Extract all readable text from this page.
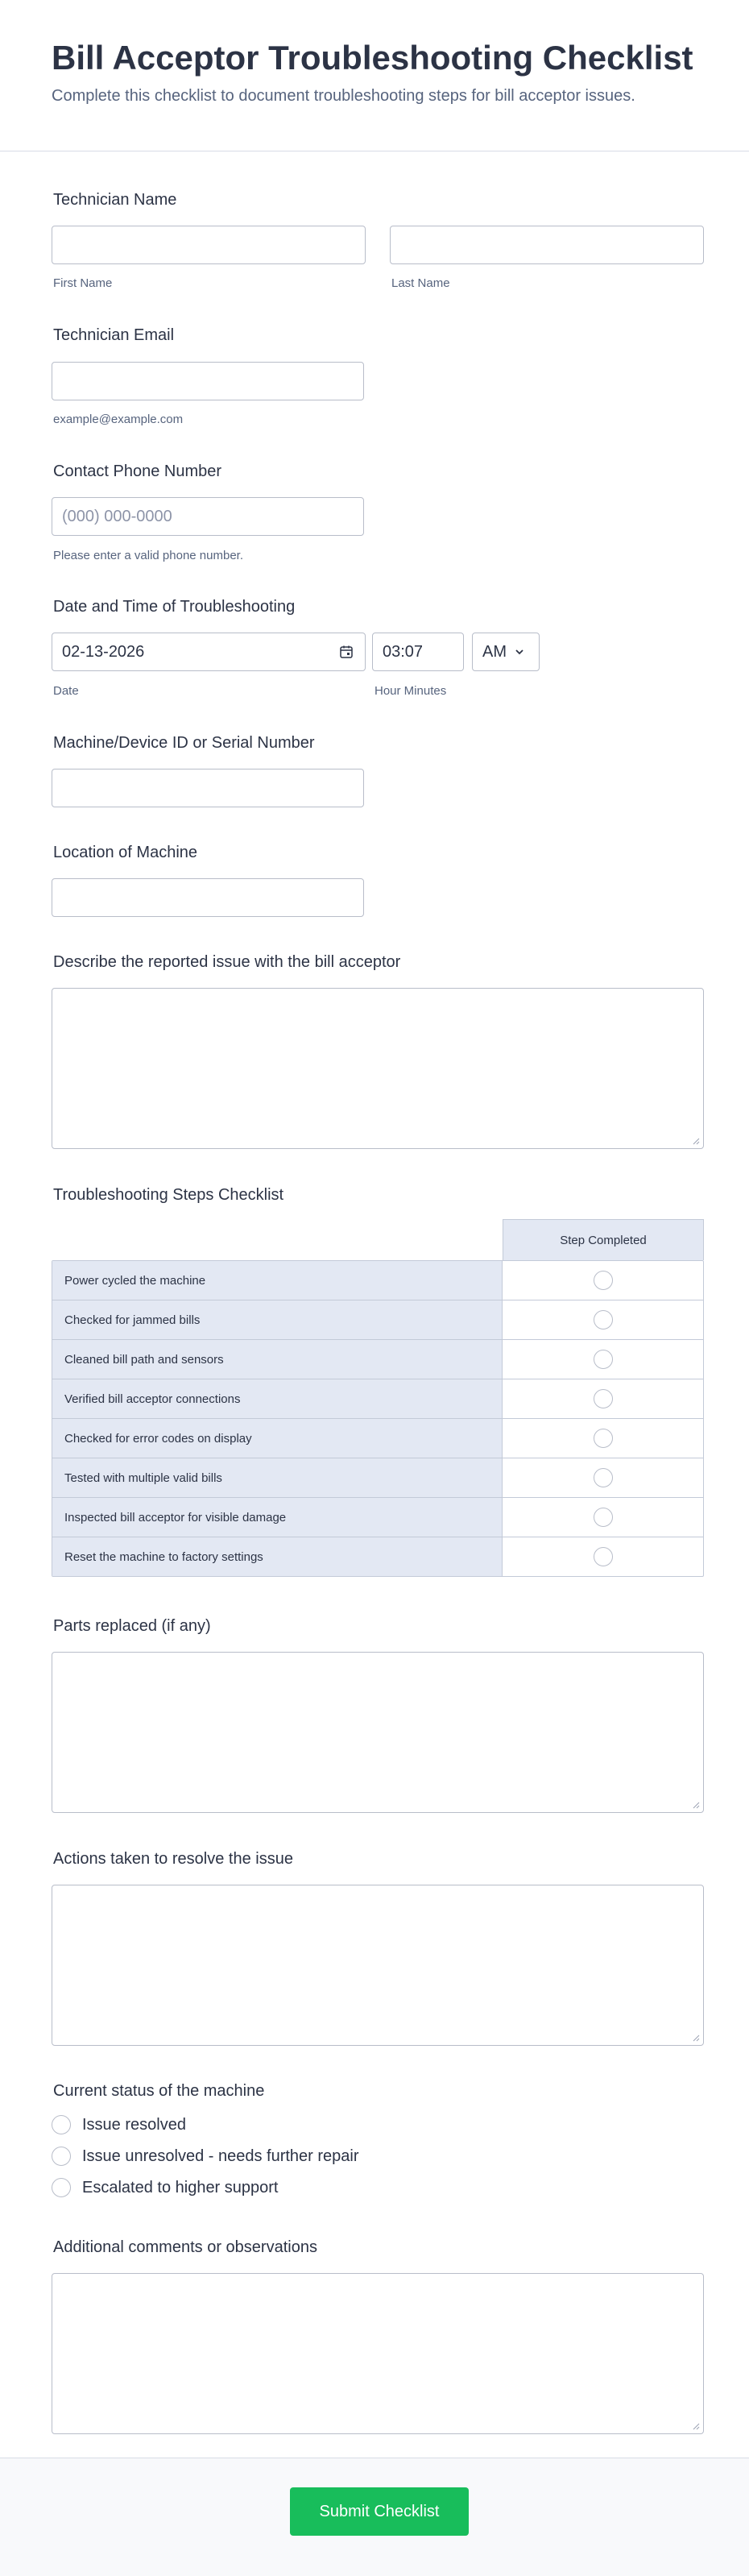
Bill Acceptor Troubleshooting Checklist
Complete this checklist to document troubleshooting steps for bill acceptor issues.
Technician Name
First Name	Last Name
Technician Email
example@example.com
Contact Phone Number
(000) 000-0000
Please enter a valid phone number.
Date and Time of Troubleshooting
02-13-2026	03:07	AM
Date	Hour Minutes
Machine/Device ID or Serial Number
Location of Machine
Describe the reported issue with the bill acceptor
Troubleshooting Steps Checklist
Step Completed
Power cycled the machine
Checked for jammed bills
Cleaned bill path and sensors
Verified bill acceptor connections
Checked for error codes on display
Tested with multiple valid bills
Inspected bill acceptor for visible damage
Reset the machine to factory settings
Parts replaced (if any)
Actions taken to resolve the issue
Current status of the machine
Issue resolved
Issue unresolved - needs further repair
Escalated to higher support
Additional comments or observations
Submit Checklist
